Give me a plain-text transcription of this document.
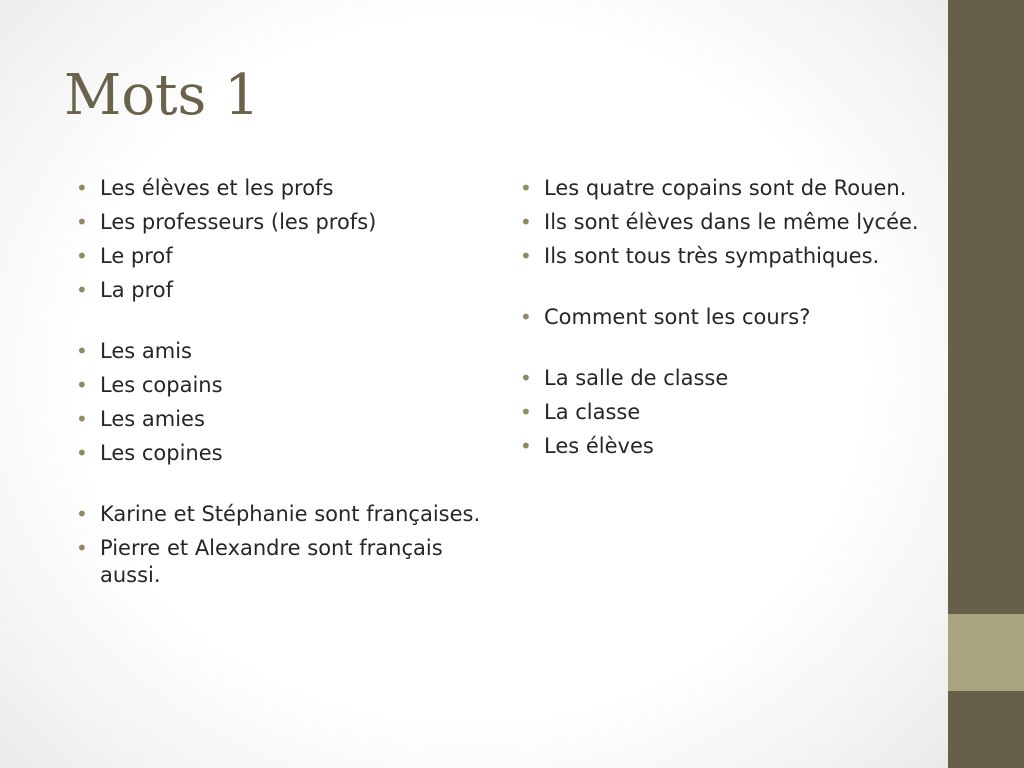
Mots 1
• Les élèves et les profs
• Les professeurs (les profs)
• Le prof
• La prof
• Les amis
• Les copains
• Les amies
• Les copines
• Karine et Stéphanie sont françaises.
• Pierre et Alexandre sont français aussi.
• Les quatre copains sont de Rouen.
• Ils sont élèves dans le même lycée.
• Ils sont tous très sympathiques.
• Comment sont les cours?
• La salle de classe
• La classe
• Les élèves
